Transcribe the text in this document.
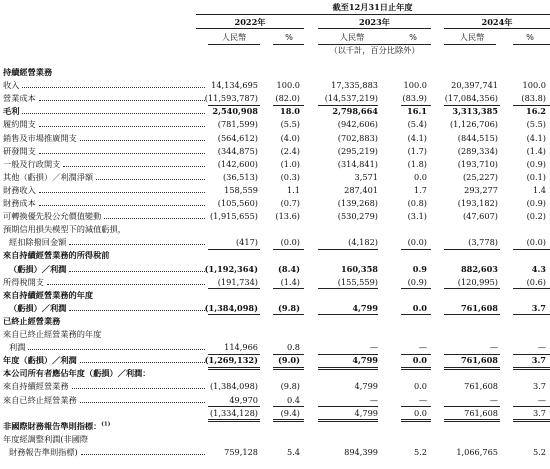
截至12月31日止年度
2022年	2023年	2024年
人民幣	%	人民幣	%	人民幣	%
（以千計，百分比除外）
持續經營業務
收入	14,134,695	100.0	17,335,883	100.0	20,397,741	100.0
營業成本	(11,593,787)	(82.0)	(14,537,219)	(83.9)	(17,084,356)	(83.8)
毛利	2,540,908	18.0	2,798,664	16.1	3,313,385	16.2
履約開支	(781,599)	(5.5)	(942,606)	(5.4)	(1,126,706)	(5.5)
銷售及市場推廣開支	(564,612)	(4.0)	(702,883)	(4.1)	(844,515)	(4.1)
研發開支	(344,875)	(2.4)	(295,219)	(1.7)	(289,334)	(1.4)
一般及行政開支	(142,600)	(1.0)	(314,841)	(1.8)	(193,710)	(0.9)
其他（虧損）／利潤淨額	(36,513)	(0.3)	3,571	0.0	(25,227)	(0.1)
財務收入	158,559	1.1	287,401	1.7	293,277	1.4
財務成本	(105,560)	(0.7)	(139,268)	(0.8)	(193,182)	(0.9)
可轉換優先股公允價值變動	(1,915,655)	(13.6)	(530,279)	(3.1)	(47,607)	(0.2)
預期信用損失模型下的減值虧損，
經扣除撥回金額	(417)	(0.0)	(4,182)	(0.0)	(3,778)	(0.0)
來自持續經營業務的所得稅前
（虧損）／利潤	(1,192,364)	(8.4)	160,358	0.9	882,603	4.3
所得稅開支	(191,734)	(1.4)	(155,559)	(0.9)	(120,995)	(0.6)
來自持續經營業務的年度
（虧損）／利潤	(1,384,098)	(9.8)	4,799	0.0	761,608	3.7
已終止經營業務
來自已終止經營業務的年度
利潤	114,966	0.8	—	—	—	—
年度（虧損）／利潤	(1,269,132)	(9.0)	4,799	0.0	761,608	3.7
本公司所有者應佔年度（虧損）／利潤：
來自持續經營業務	(1,384,098)	(9.8)	4,799	0.0	761,608	3.7
來自已終止經營業務	49,970	0.4	—	—	—	—
(1,334,128)	(9.4)	4,799	0.0	761,608	3.7
非國際財務報告準則指標：$^{(1)}$
年度經調整利潤(非國際
財務報告準則指標)	759,128	5.4	894,399	5.2	1,066,765	5.2
